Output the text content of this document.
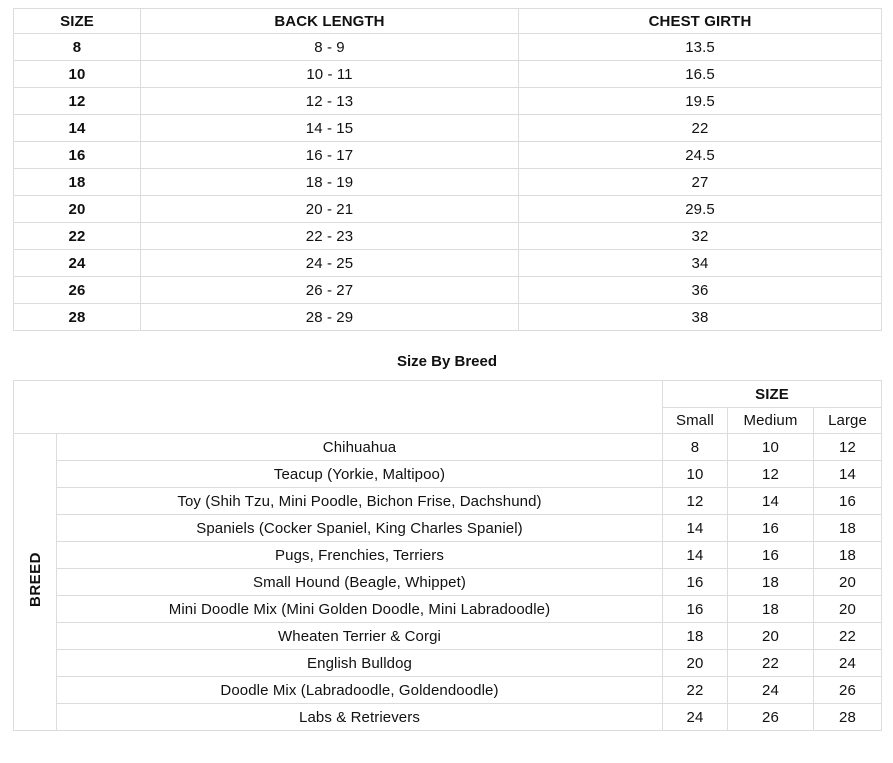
SIZE	BACK LENGTH	CHEST GIRTH
8	8 - 9	13.5
10	10 - 11	16.5
12	12 - 13	19.5
14	14 - 15	22
16	16 - 17	24.5
18	18 - 19	27
20	20 - 21	29.5
22	22 - 23	32
24	24 - 25	34
26	26 - 27	36
28	28 - 29	38
Size By Breed
		SIZE		
		Small	Medium	Large
BREED	Chihuahua	8	10	12
	Teacup (Yorkie, Maltipoo)	10	12	14
	Toy (Shih Tzu, Mini Poodle, Bichon Frise, Dachshund)	12	14	16
	Spaniels (Cocker Spaniel, King Charles Spaniel)	14	16	18
	Pugs, Frenchies, Terriers	14	16	18
	Small Hound (Beagle, Whippet)	16	18	20
	Mini Doodle Mix (Mini Golden Doodle, Mini Labradoodle)	16	18	20
	Wheaten Terrier & Corgi	18	20	22
	English Bulldog	20	22	24
	Doodle Mix (Labradoodle, Goldendoodle)	22	24	26
	Labs & Retrievers	24	26	28
